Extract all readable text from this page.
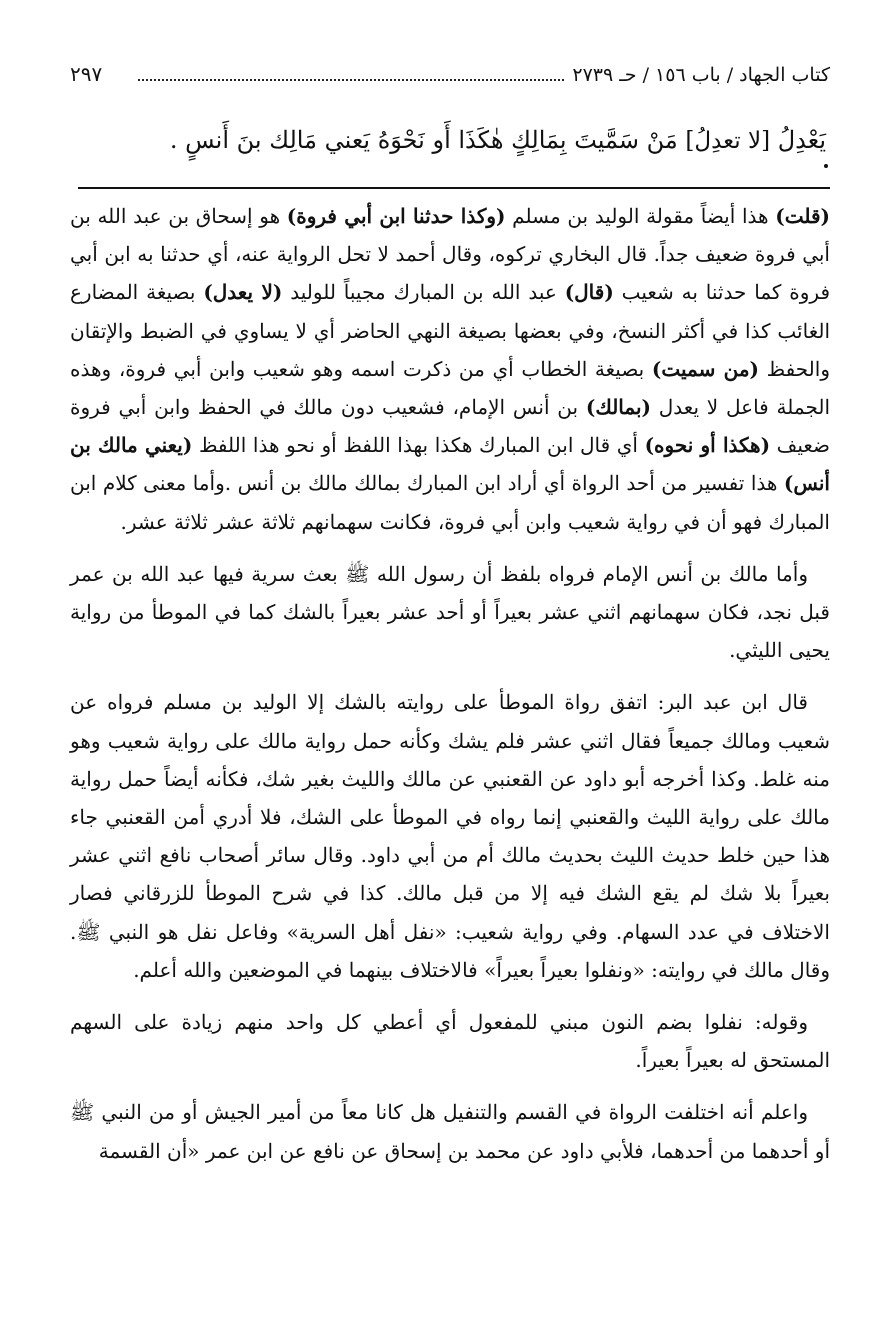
٢٩٧	كتاب الجهاد / باب ١٥٦ / حـ ٢٧٣٩
يَعْدِلُ [لا تعدِلُ] مَنْ سَمَّيتَ بِمَالِكٍ هٰكَذَا أَو نَحْوَهُ يَعني مَالِك بنَ أَنسٍ .

(قلت) هذا أيضاً مقولة الوليد بن مسلم (وكذا حدثنا ابن أبي فروة) هو إسحاق بن عبد الله بن أبي فروة ضعيف جداً. قال البخاري تركوه، وقال أحمد لا تحل الرواية عنه، أي حدثنا به ابن أبي فروة كما حدثنا به شعيب (قال) عبد الله بن المبارك مجيباً للوليد (لا يعدل) بصيغة المضارع الغائب كذا في أكثر النسخ، وفي بعضها بصيغة النهي الحاضر أي لا يساوي في الضبط والإتقان والحفظ (من سميت) بصيغة الخطاب أي من ذكرت اسمه وهو شعيب وابن أبي فروة، وهذه الجملة فاعل لا يعدل (بمالك) بن أنس الإمام، فشعيب دون مالك في الحفظ وابن أبي فروة ضعيف (هكذا أو نحوه) أي قال ابن المبارك هكذا بهذا اللفظ أو نحو هذا اللفظ (يعني مالك بن أنس) هذا تفسير من أحد الرواة أي أراد ابن المبارك بمالك مالك بن أنس .وأما معنى كلام ابن المبارك فهو أن في رواية شعيب وابن أبي فروة، فكانت سهمانهم ثلاثة عشر ثلاثة عشر.

وأما مالك بن أنس الإمام فرواه بلفظ أن رسول الله ﷺ بعث سرية فيها عبد الله بن عمر قبل نجد، فكان سهمانهم اثني عشر بعيراً أو أحد عشر بعيراً بالشك كما في الموطأ من رواية يحيى الليثي.

قال ابن عبد البر: اتفق رواة الموطأ على روايته بالشك إلا الوليد بن مسلم فرواه عن شعيب ومالك جميعاً فقال اثني عشر فلم يشك وكأنه حمل رواية مالك على رواية شعيب وهو منه غلط. وكذا أخرجه أبو داود عن القعنبي عن مالك والليث بغير شك، فكأنه أيضاً حمل رواية مالك على رواية الليث والقعنبي إنما رواه في الموطأ على الشك، فلا أدري أمن القعنبي جاء هذا حين خلط حديث الليث بحديث مالك أم من أبي داود. وقال سائر أصحاب نافع اثني عشر بعيراً بلا شك لم يقع الشك فيه إلا من قبل مالك. كذا في شرح الموطأ للزرقاني فصار الاختلاف في عدد السهام. وفي رواية شعيب: «نفل أهل السرية» وفاعل نفل هو النبي ﷺ. وقال مالك في روايته: «ونفلوا بعيراً بعيراً» فالاختلاف بينهما في الموضعين والله أعلم.

وقوله: نفلوا بضم النون مبني للمفعول أي أعطي كل واحد منهم زيادة على السهم المستحق له بعيراً بعيراً.

واعلم أنه اختلفت الرواة في القسم والتنفيل هل كانا معاً من أمير الجيش أو من النبي ﷺ أو أحدهما من أحدهما، فلأبي داود عن محمد بن إسحاق عن نافع عن ابن عمر «أن القسمة
